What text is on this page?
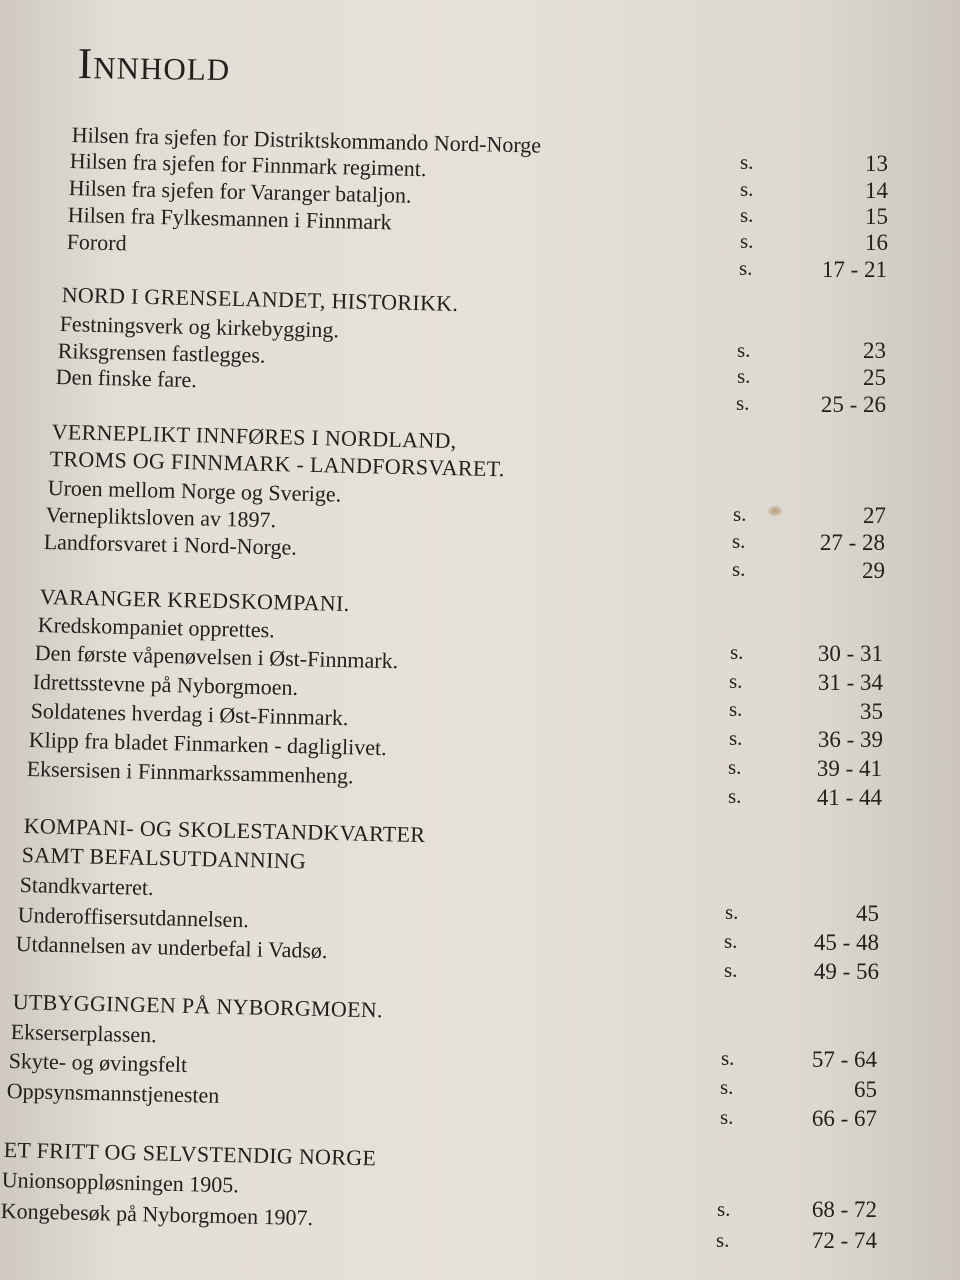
Innhold
Hilsen fra sjefen for Distriktskommando Nord-Norge
Hilsen fra sjefen for Finnmark regiment.
Hilsen fra sjefen for Varanger bataljon.
Hilsen fra Fylkesmannen i Finnmark
Forord
s.
s.
s.
s.
s.
13
14
15
16
17 - 21
NORD I GRENSELANDET, HISTORIKK.
Festningsverk og kirkebygging.
Riksgrensen fastlegges.
Den finske fare.
s.
s.
s.
23
25
25 - 26
VERNEPLIKT INNFØRES I NORDLAND,
TROMS OG FINNMARK - LANDFORSVARET.
Uroen mellom Norge og Sverige.
Vernepliktsloven av 1897.
Landforsvaret i Nord-Norge.
s.
s.
s.
27
27 - 28
29
VARANGER KREDSKOMPANI.
Kredskompaniet opprettes.
Den første våpenøvelsen i Øst-Finnmark.
Idrettsstevne på Nyborgmoen.
Soldatenes hverdag i Øst-Finnmark.
Klipp fra bladet Finmarken - dagliglivet.
Eksersisen i Finnmarkssammenheng.
s.
s.
s.
s.
s.
s.
30 - 31
31 - 34
35
36 - 39
39 - 41
41 - 44
KOMPANI- OG SKOLESTANDKVARTER
SAMT BEFALSUTDANNING
Standkvarteret.
Underoffisersutdannelsen.
Utdannelsen av underbefal i Vadsø.
s.
s.
s.
45
45 - 48
49 - 56
UTBYGGINGEN PÅ NYBORGMOEN.
Ekserserplassen.
Skyte- og øvingsfelt
Oppsynsmannstjenesten
s.
s.
s.
57 - 64
65
66 - 67
ET FRITT OG SELVSTENDIG NORGE
Unionsoppløsningen 1905.
Kongebesøk på Nyborgmoen 1907.	s.
s.
68 - 72
72 - 74
